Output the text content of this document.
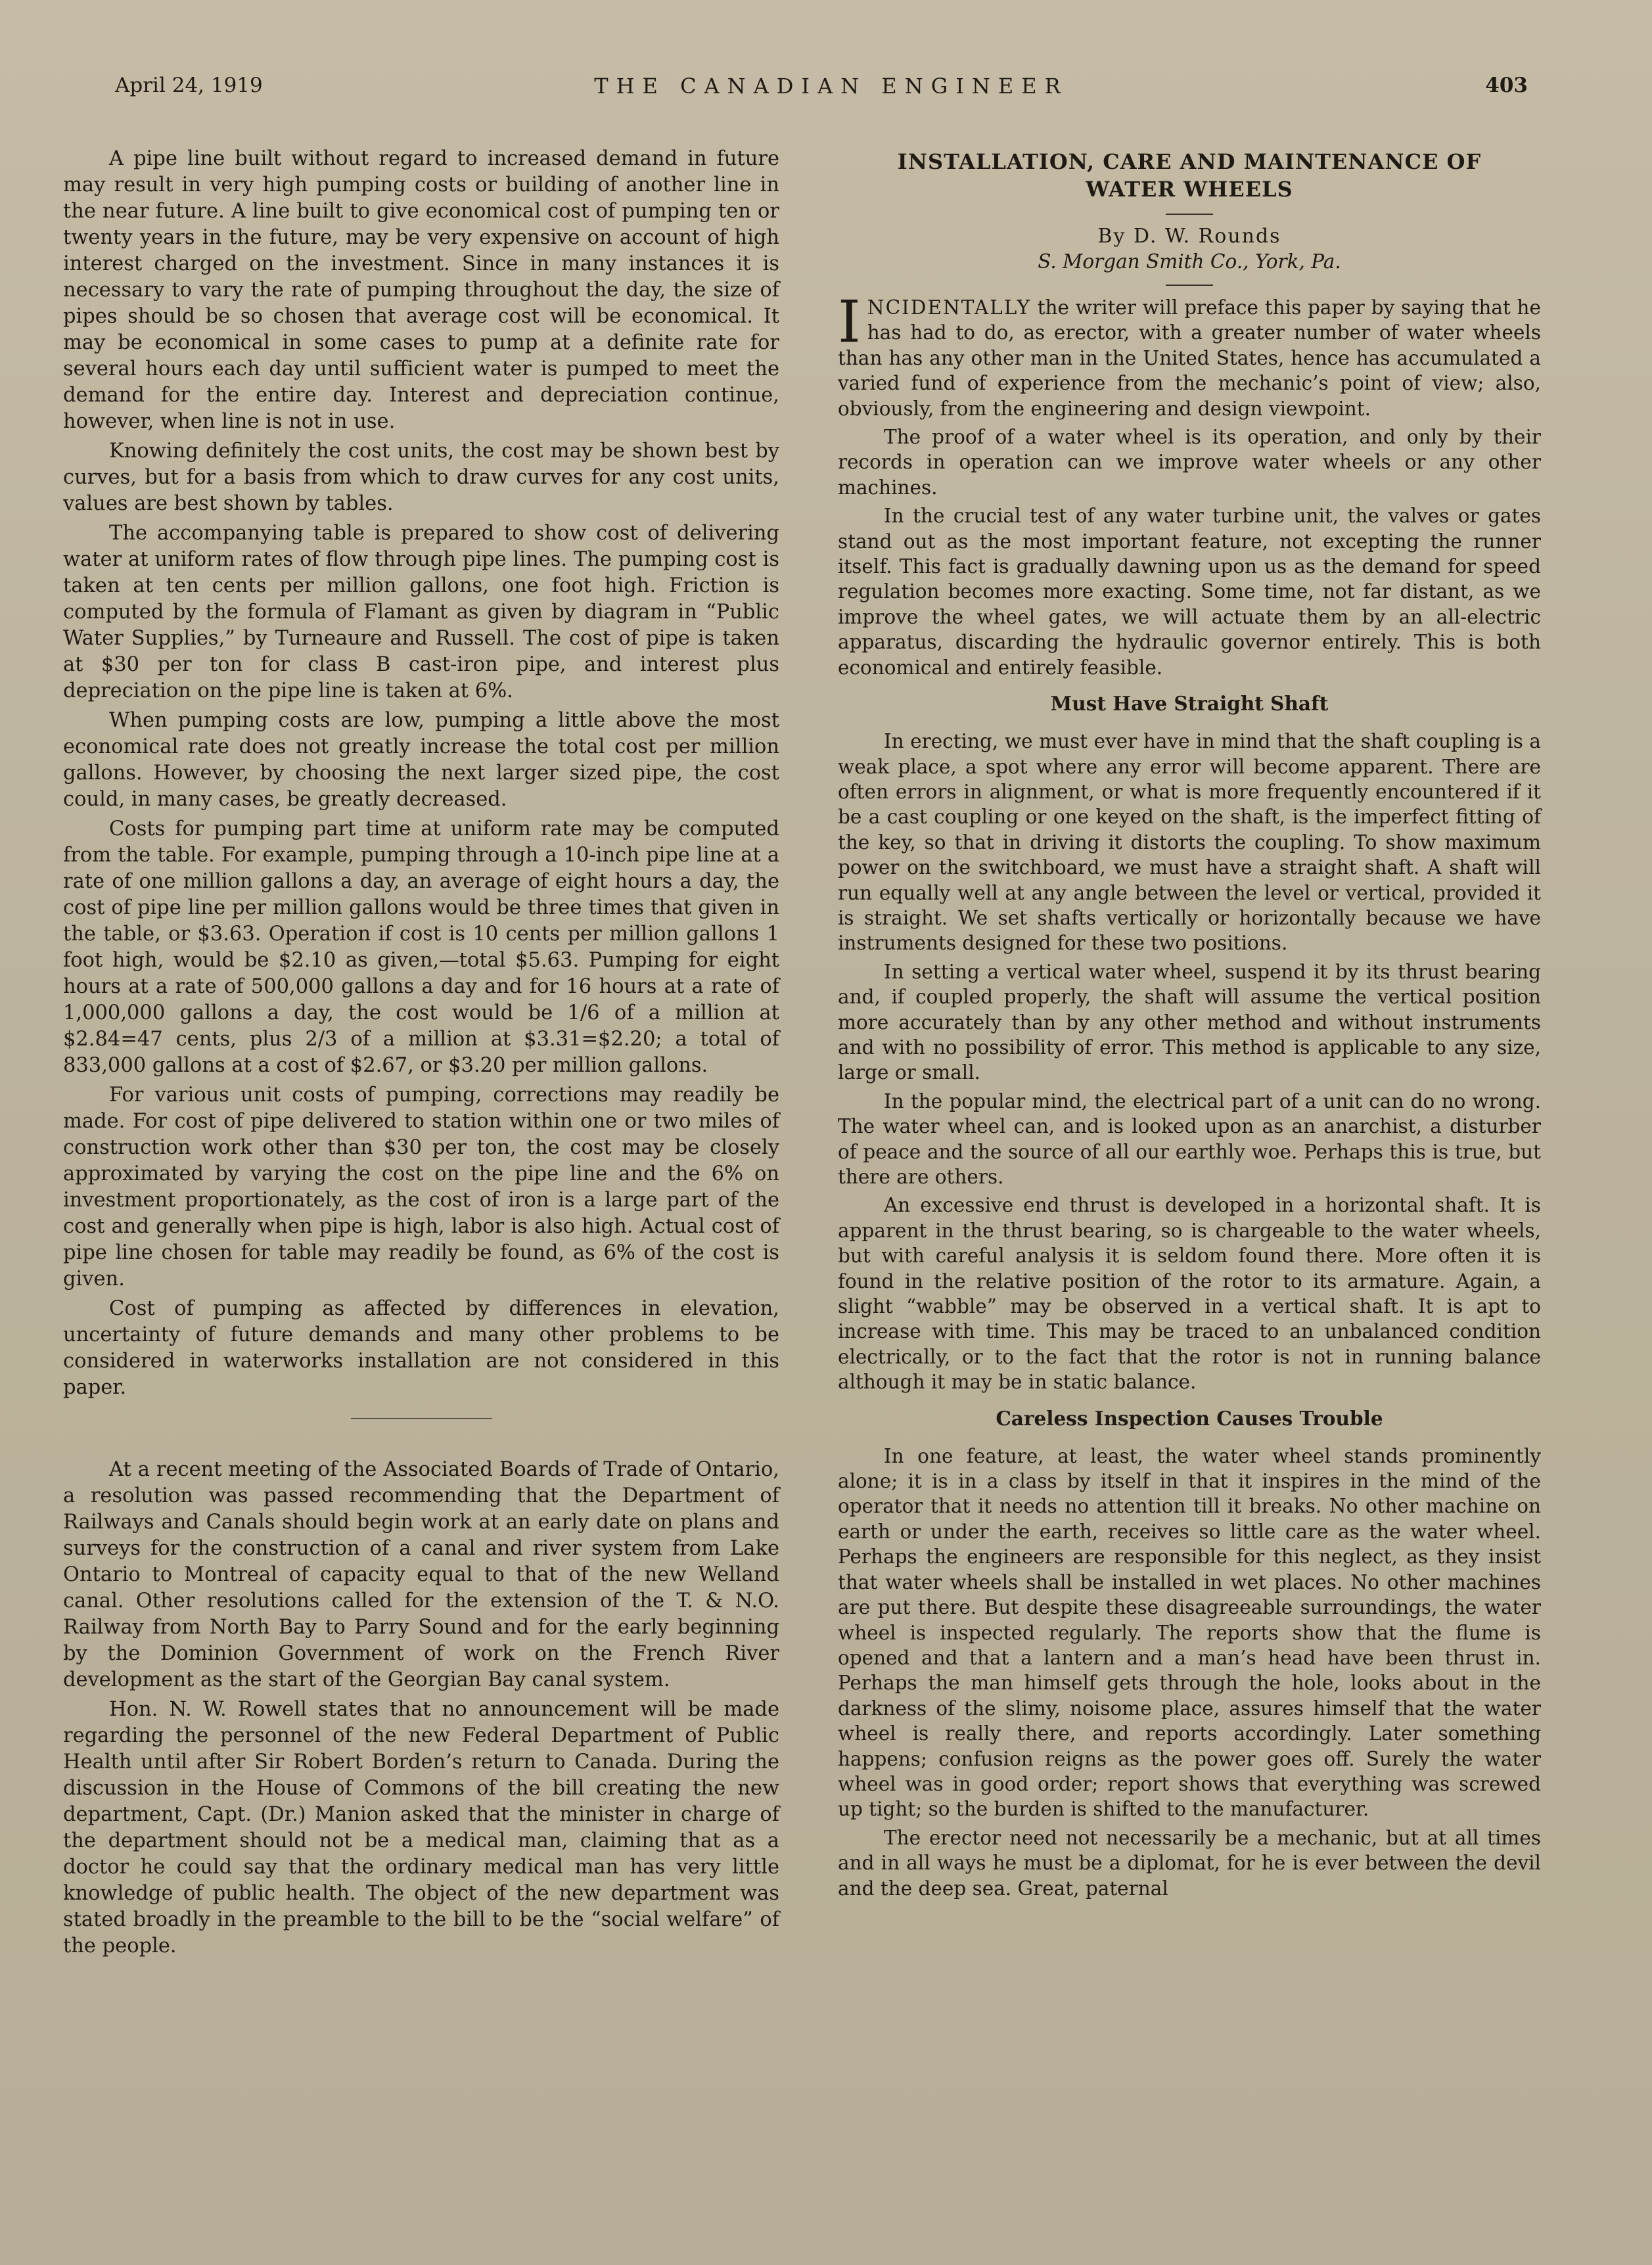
April 24, 1919	THE CANADIAN ENGINEER	403

A pipe line built without regard to increased demand in future may result in very high pumping costs or building of another line in the near future. A line built to give economical cost of pumping ten or twenty years in the future, may be very expensive on account of high interest charged on the investment. Since in many instances it is necessary to vary the rate of pumping throughout the day, the size of pipes should be so chosen that average cost will be economical. It may be economical in some cases to pump at a definite rate for several hours each day until sufficient water is pumped to meet the demand for the entire day. Interest and depreciation continue, however, when line is not in use.

Knowing definitely the cost units, the cost may be shown best by curves, but for a basis from which to draw curves for any cost units, values are best shown by tables.

The accompanying table is prepared to show cost of delivering water at uniform rates of flow through pipe lines. The pumping cost is taken at ten cents per million gallons, one foot high. Friction is computed by the formula of Flamant as given by diagram in “Public Water Supplies,” by Turneaure and Russell. The cost of pipe is taken at $30 per ton for class B cast-iron pipe, and interest plus depreciation on the pipe line is taken at 6%.

When pumping costs are low, pumping a little above the most economical rate does not greatly increase the total cost per million gallons. However, by choosing the next larger sized pipe, the cost could, in many cases, be greatly decreased.

Costs for pumping part time at uniform rate may be computed from the table. For example, pumping through a 10-inch pipe line at a rate of one million gallons a day, an average of eight hours a day, the cost of pipe line per million gallons would be three times that given in the table, or $3.63. Operation if cost is 10 cents per million gallons 1 foot high, would be $2.10 as given,—total $5.63. Pumping for eight hours at a rate of 500,000 gallons a day and for 16 hours at a rate of 1,000,000 gallons a day, the cost would be 1/6 of a million at $2.84=47 cents, plus 2/3 of a million at $3.31=$2.20; a total of 833,000 gallons at a cost of $2.67, or $3.20 per million gallons.

For various unit costs of pumping, corrections may readily be made. For cost of pipe delivered to station within one or two miles of construction work other than $30 per ton, the cost may be closely approximated by varying the cost on the pipe line and the 6% on investment proportionately, as the cost of iron is a large part of the cost and generally when pipe is high, labor is also high. Actual cost of pipe line chosen for table may readily be found, as 6% of the cost is given.

Cost of pumping as affected by differences in elevation, uncertainty of future demands and many other problems to be considered in waterworks installation are not considered in this paper.

At a recent meeting of the Associated Boards of Trade of Ontario, a resolution was passed recommending that the Department of Railways and Canals should begin work at an early date on plans and surveys for the construction of a canal and river system from Lake Ontario to Montreal of capacity equal to that of the new Welland canal. Other resolutions called for the extension of the T. & N.O. Railway from North Bay to Parry Sound and for the early beginning by the Dominion Government of work on the French River development as the start of the Georgian Bay canal system.

Hon. N. W. Rowell states that no announcement will be made regarding the personnel of the new Federal Department of Public Health until after Sir Robert Borden’s return to Canada. During the discussion in the House of Commons of the bill creating the new department, Capt. (Dr.) Manion asked that the minister in charge of the department should not be a medical man, claiming that as a doctor he could say that the ordinary medical man has very little knowledge of public health. The object of the new department was stated broadly in the preamble to the bill to be the “social welfare” of the people.

INSTALLATION, CARE AND MAINTENANCE OF
WATER WHEELS
By D. W. Rounds
S. Morgan Smith Co., York, Pa.

INCIDENTALLY the writer will preface this paper by saying that he has had to do, as erector, with a greater number of water wheels than has any other man in the United States, hence has accumulated a varied fund of experience from the mechanic’s point of view; also, obviously, from the engineering and design viewpoint.

The proof of a water wheel is its operation, and only by their records in operation can we improve water wheels or any other machines.

In the crucial test of any water turbine unit, the valves or gates stand out as the most important feature, not excepting the runner itself. This fact is gradually dawning upon us as the demand for speed regulation becomes more exacting. Some time, not far distant, as we improve the wheel gates, we will actuate them by an all-electric apparatus, discarding the hydraulic governor entirely. This is both economical and entirely feasible.

Must Have Straight Shaft

In erecting, we must ever have in mind that the shaft coupling is a weak place, a spot where any error will become apparent. There are often errors in alignment, or what is more frequently encountered if it be a cast coupling or one keyed on the shaft, is the imperfect fitting of the key, so that in driving it distorts the coupling. To show maximum power on the switchboard, we must have a straight shaft. A shaft will run equally well at any angle between the level or vertical, provided it is straight. We set shafts vertically or horizontally because we have instruments designed for these two positions.

In setting a vertical water wheel, suspend it by its thrust bearing and, if coupled properly, the shaft will assume the vertical position more accurately than by any other method and without instruments and with no possibility of error. This method is applicable to any size, large or small.

In the popular mind, the electrical part of a unit can do no wrong. The water wheel can, and is looked upon as an anarchist, a disturber of peace and the source of all our earthly woe. Perhaps this is true, but there are others.

An excessive end thrust is developed in a horizontal shaft. It is apparent in the thrust bearing, so is chargeable to the water wheels, but with careful analysis it is seldom found there. More often it is found in the relative position of the rotor to its armature. Again, a slight “wabble” may be observed in a vertical shaft. It is apt to increase with time. This may be traced to an unbalanced condition electrically, or to the fact that the rotor is not in running balance although it may be in static balance.

Careless Inspection Causes Trouble

In one feature, at least, the water wheel stands prominently alone; it is in a class by itself in that it inspires in the mind of the operator that it needs no attention till it breaks. No other machine on earth or under the earth, receives so little care as the water wheel. Perhaps the engineers are responsible for this neglect, as they insist that water wheels shall be installed in wet places. No other machines are put there. But despite these disagreeable surroundings, the water wheel is inspected regularly. The reports show that the flume is opened and that a lantern and a man’s head have been thrust in. Perhaps the man himself gets through the hole, looks about in the darkness of the slimy, noisome place, assures himself that the water wheel is really there, and reports accordingly. Later something happens; confusion reigns as the power goes off. Surely the water wheel was in good order; report shows that everything was screwed up tight; so the burden is shifted to the manufacturer.

The erector need not necessarily be a mechanic, but at all times and in all ways he must be a diplomat, for he is ever between the devil and the deep sea. Great, paternal
